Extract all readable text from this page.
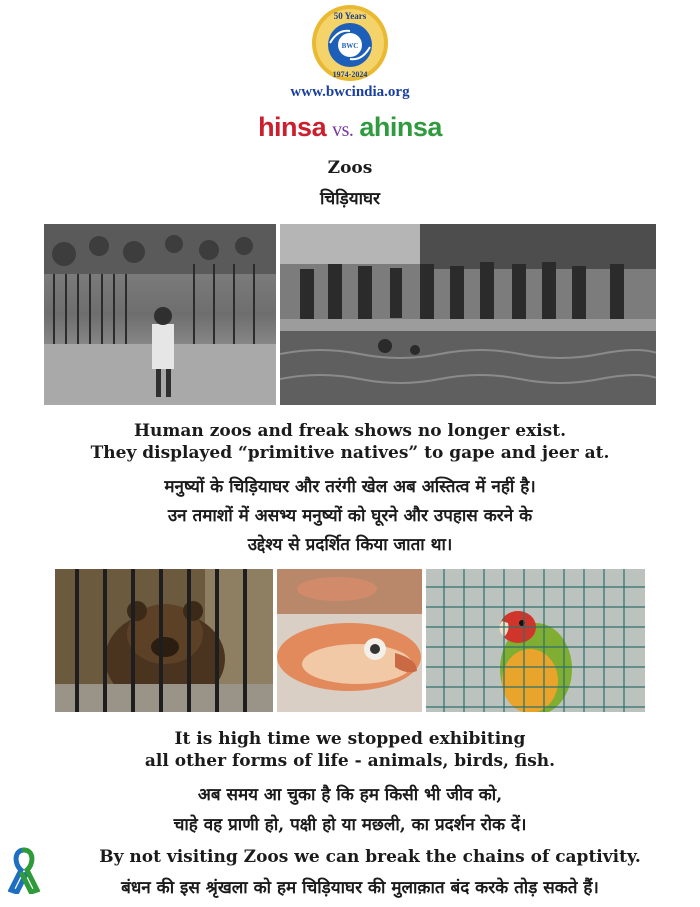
50 Years
BWC
1974-2024
www.bwcindia.org
hinsa vs. ahinsa
Zoos
चिड़ियाघर
Human zoos and freak shows no longer exist.
They displayed “primitive natives” to gape and jeer at.
मनुष्यों के चिड़ियाघर और तरंगी खेल अब अस्तित्व में नहीं है।
उन तमाशों में असभ्य मनुष्यों को घूरने और उपहास करने के
उद्देश्य से प्रदर्शित किया जाता था।
It is high time we stopped exhibiting
all other forms of life - animals, birds, fish.
अब समय आ चुका है कि हम किसी भी जीव को,
चाहे वह प्राणी हो, पक्षी हो या मछली, का प्रदर्शन रोक दें।
By not visiting Zoos we can break the chains of captivity.
बंधन की इस श्रृंखला को हम चिड़ियाघर की मुलाक़ात बंद करके तोड़ सकते हैं।
